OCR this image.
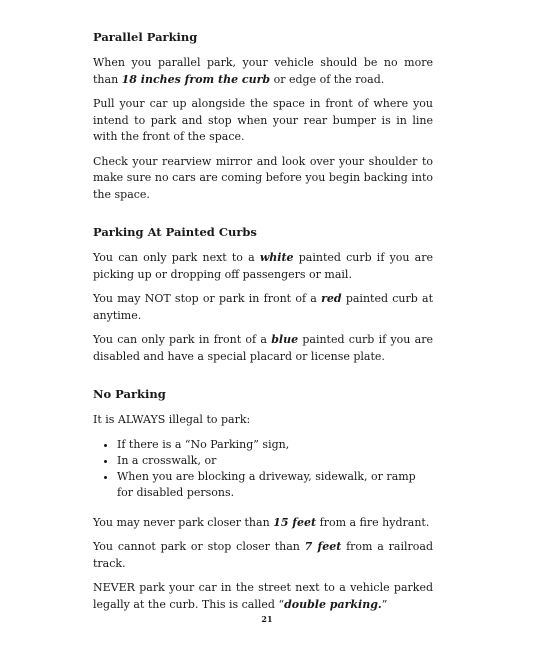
Parallel Parking

When you parallel park, your vehicle should be no more than 18 inches from the curb or edge of the road.

Pull your car up alongside the space in front of where you intend to park and stop when your rear bumper is in line with the front of the space.

Check your rearview mirror and look over your shoulder to make sure no cars are coming before you begin backing into the space.

Parking At Painted Curbs

You can only park next to a white painted curb if you are picking up or dropping off passengers or mail.

You may NOT stop or park in front of a red painted curb at anytime.

You can only park in front of a blue painted curb if you are disabled and have a special placard or license plate.

No Parking

It is ALWAYS illegal to park:

• If there is a “No Parking” sign,
• In a crosswalk, or
• When you are blocking a driveway, sidewalk, or ramp for disabled persons.

You may never park closer than 15 feet from a fire hydrant.

You cannot park or stop closer than 7 feet from a railroad track.

NEVER park your car in the street next to a vehicle parked legally at the curb. This is called “double parking.”

21
